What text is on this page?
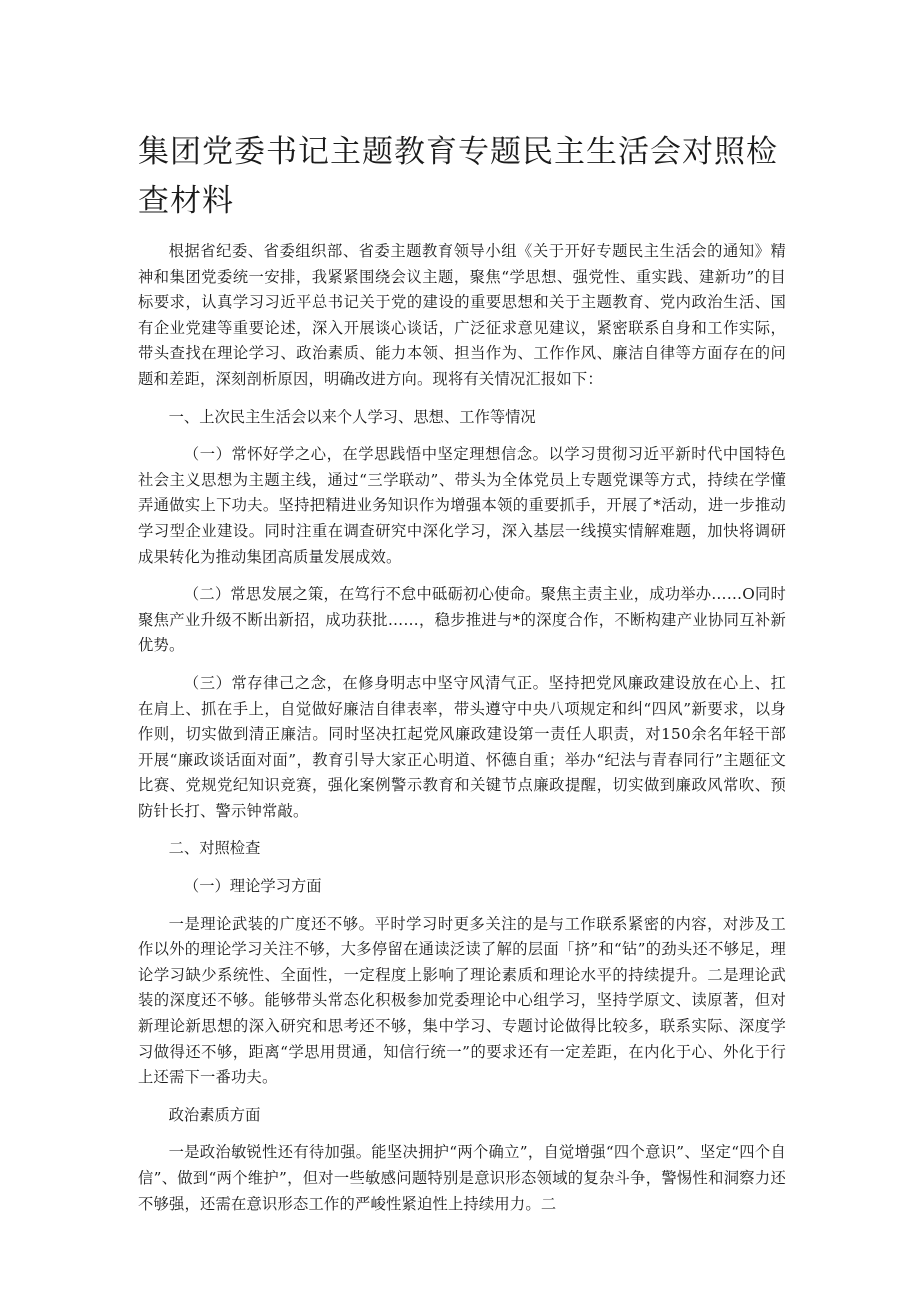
集团党委书记主题教育专题民主生活会对照检查材料

根据省纪委、省委组织部、省委主题教育领导小组《关于开好专题民主生活会的通知》精神和集团党委统一安排，我紧紧围绕会议主题，聚焦“学思想、强党性、重实践、建新功”的目标要求，认真学习习近平总书记关于党的建设的重要思想和关于主题教育、党内政治生活、国有企业党建等重要论述，深入开展谈心谈话，广泛征求意见建议，紧密联系自身和工作实际，带头查找在理论学习、政治素质、能力本领、担当作为、工作作风、廉洁自律等方面存在的问题和差距，深刻剖析原因，明确改进方向。现将有关情况汇报如下：

一、上次民主生活会以来个人学习、思想、工作等情况

（一）常怀好学之心，在学思践悟中坚定理想信念。以学习贯彻习近平新时代中国特色社会主义思想为主题主线，通过“三学联动”、带头为全体党员上专题党课等方式，持续在学懂弄通做实上下功夫。坚持把精进业务知识作为增强本领的重要抓手，开展了*活动，进一步推动学习型企业建设。同时注重在调查研究中深化学习，深入基层一线摸实情解难题，加快将调研成果转化为推动集团高质量发展成效。

（二）常思发展之策，在笃行不怠中砥砺初心使命。聚焦主责主业，成功举办……O同时聚焦产业升级不断出新招，成功获批……，稳步推进与*的深度合作，不断构建产业协同互补新优势。

（三）常存律己之念，在修身明志中坚守风清气正。坚持把党风廉政建设放在心上、扛在肩上、抓在手上，自觉做好廉洁自律表率，带头遵守中央八项规定和纠“四风”新要求，以身作则，切实做到清正廉洁。同时坚决扛起党风廉政建设第一责任人职责，对150余名年轻干部开展“廉政谈话面对面”，教育引导大家正心明道、怀德自重；举办“纪法与青春同行”主题征文比赛、党规党纪知识竞赛，强化案例警示教育和关键节点廉政提醒，切实做到廉政风常吹、预防针长打、警示钟常敲。

二、对照检查

（一）理论学习方面

一是理论武装的广度还不够。平时学习时更多关注的是与工作联系紧密的内容，对涉及工作以外的理论学习关注不够，大多停留在通读泛读了解的层面「挤”和“钻”的劲头还不够足，理论学习缺少系统性、全面性，一定程度上影响了理论素质和理论水平的持续提升。二是理论武装的深度还不够。能够带头常态化积极参加党委理论中心组学习，坚持学原文、读原著，但对新理论新思想的深入研究和思考还不够，集中学习、专题讨论做得比较多，联系实际、深度学习做得还不够，距离“学思用贯通，知信行统一”的要求还有一定差距，在内化于心、外化于行上还需下一番功夫。

政治素质方面

一是政治敏锐性还有待加强。能坚决拥护“两个确立”，自觉增强“四个意识”、坚定“四个自信”、做到“两个维护”，但对一些敏感问题特别是意识形态领域的复杂斗争，警惕性和洞察力还不够强，还需在意识形态工作的严峻性紧迫性上持续用力。二
